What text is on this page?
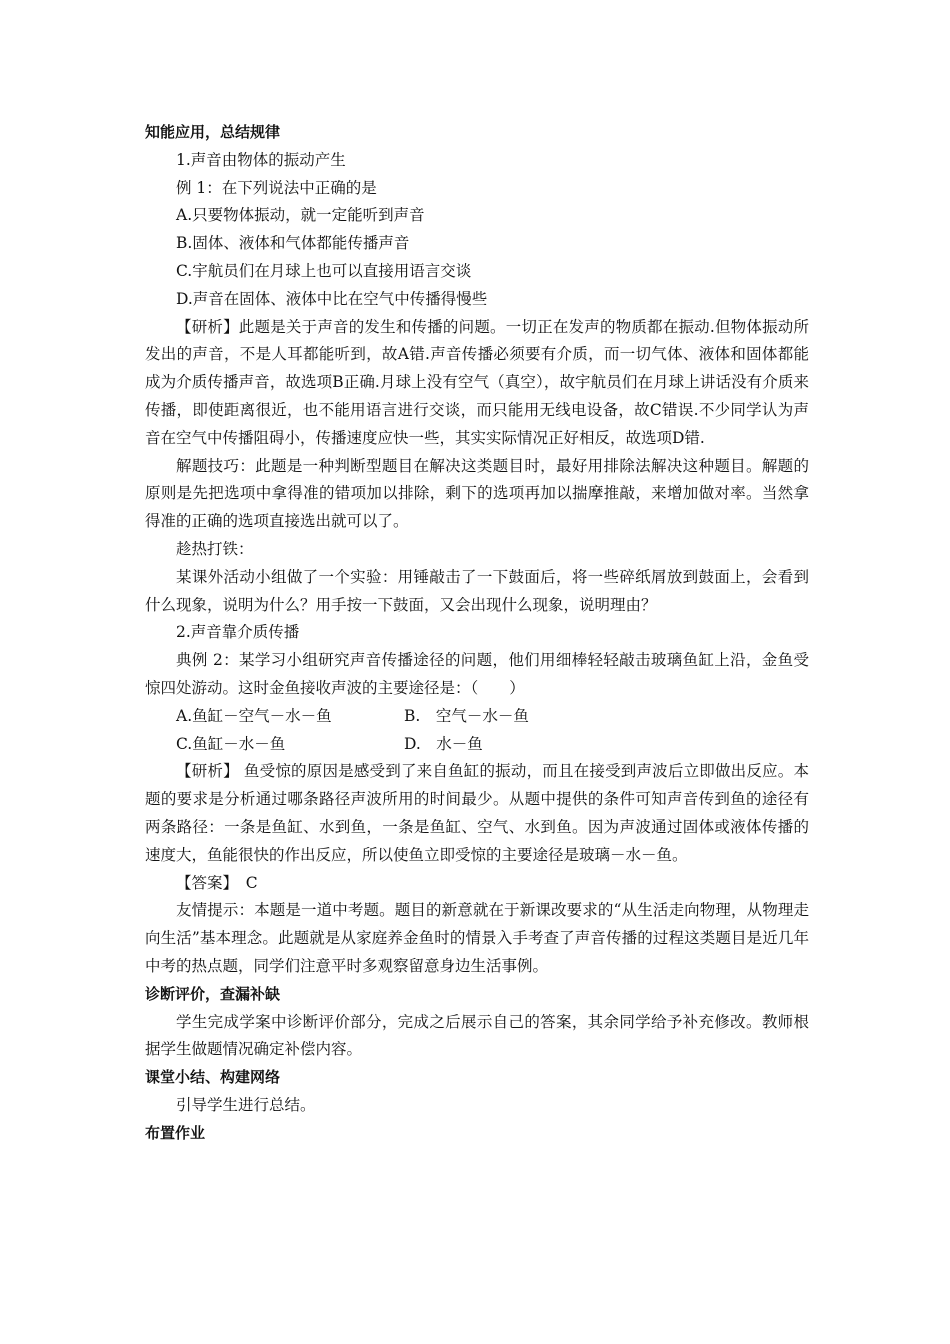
知能应用，总结规律
1.声音由物体的振动产生
例 1：在下列说法中正确的是
A.只要物体振动，就一定能听到声音
B.固体、液体和气体都能传播声音
C.宇航员们在月球上也可以直接用语言交谈
D.声音在固体、液体中比在空气中传播得慢些

【研析】此题是关于声音的发生和传播的问题。一切正在发声的物质都在振动.但物体振动所发出的声音，不是人耳都能听到，故A错.声音传播必须要有介质，而一切气体、液体和固体都能成为介质传播声音，故选项B正确.月球上没有空气（真空），故宇航员们在月球上讲话没有介质来传播，即使距离很近，也不能用语言进行交谈，而只能用无线电设备，故C错误.不少同学认为声音在空气中传播阻碍小，传播速度应快一些，其实实际情况正好相反，故选项D错.

解题技巧：此题是一种判断型题目在解决这类题目时，最好用排除法解决这种题目。解题的原则是先把选项中拿得准的错项加以排除，剩下的选项再加以揣摩推敲，来增加做对率。当然拿得准的正确的选项直接选出就可以了。

趁热打铁：

某课外活动小组做了一个实验：用锤敲击了一下鼓面后，将一些碎纸屑放到鼓面上，会看到什么现象，说明为什么？用手按一下鼓面，又会出现什么现象，说明理由？

2.声音靠介质传播

典例 2：某学习小组研究声音传播途径的问题，他们用细棒轻轻敲击玻璃鱼缸上沿，金鱼受惊四处游动。这时金鱼接收声波的主要途径是：（　　）

A.鱼缸－空气－水－鱼	B.　空气－水－鱼
C.鱼缸－水－鱼	D.　水－鱼

【研析】 鱼受惊的原因是感受到了来自鱼缸的振动，而且在接受到声波后立即做出反应。本题的要求是分析通过哪条路径声波所用的时间最少。从题中提供的条件可知声音传到鱼的途径有两条路径：一条是鱼缸、水到鱼，一条是鱼缸、空气、水到鱼。因为声波通过固体或液体传播的速度大，鱼能很快的作出反应，所以使鱼立即受惊的主要途径是玻璃－水－鱼。

【答案】　C

友情提示：本题是一道中考题。题目的新意就在于新课改要求的“从生活走向物理，从物理走向生活”基本理念。此题就是从家庭养金鱼时的情景入手考查了声音传播的过程这类题目是近几年中考的热点题，同学们注意平时多观察留意身边生活事例。

诊断评价，查漏补缺

学生完成学案中诊断评价部分，完成之后展示自己的答案，其余同学给予补充修改。教师根据学生做题情况确定补偿内容。

课堂小结、构建网络
引导学生进行总结。
布置作业
